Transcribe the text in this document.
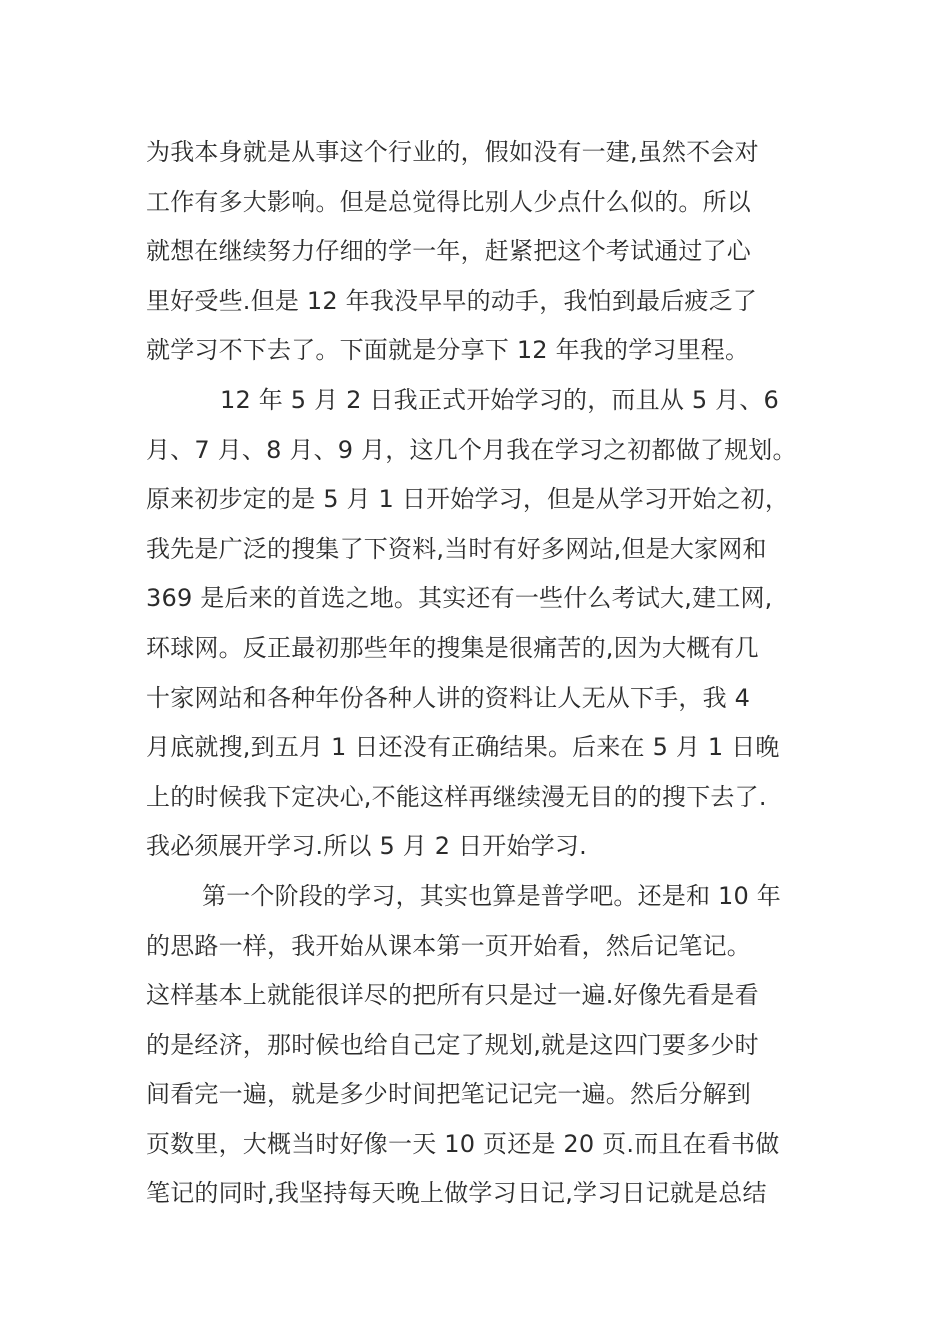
为我本身就是从事这个行业的，假如没有一建,虽然不会对
工作有多大影响。但是总觉得比别人少点什么似的。所以
就想在继续努力仔细的学一年，赶紧把这个考试通过了心
里好受些.但是 12 年我没早早的动手，我怕到最后疲乏了
就学习不下去了。下面就是分享下 12 年我的学习里程。
12 年 5 月 2 日我正式开始学习的，而且从 5 月、6
月、7 月、8 月、9 月，这几个月我在学习之初都做了规划。
原来初步定的是 5 月 1 日开始学习，但是从学习开始之初，
我先是广泛的搜集了下资料,当时有好多网站,但是大家网和
369 是后来的首选之地。其实还有一些什么考试大,建工网,
环球网。反正最初那些年的搜集是很痛苦的,因为大概有几
十家网站和各种年份各种人讲的资料让人无从下手，我 4
月底就搜,到五月 1 日还没有正确结果。后来在 5 月 1 日晚
上的时候我下定决心,不能这样再继续漫无目的的搜下去了.
我必须展开学习.所以 5 月 2 日开始学习.
第一个阶段的学习，其实也算是普学吧。还是和 10 年
的思路一样，我开始从课本第一页开始看，然后记笔记。
这样基本上就能很详尽的把所有只是过一遍.好像先看是看
的是经济，那时候也给自己定了规划,就是这四门要多少时
间看完一遍，就是多少时间把笔记记完一遍。然后分解到
页数里，大概当时好像一天 10 页还是 20 页.而且在看书做
笔记的同时,我坚持每天晚上做学习日记,学习日记就是总结
